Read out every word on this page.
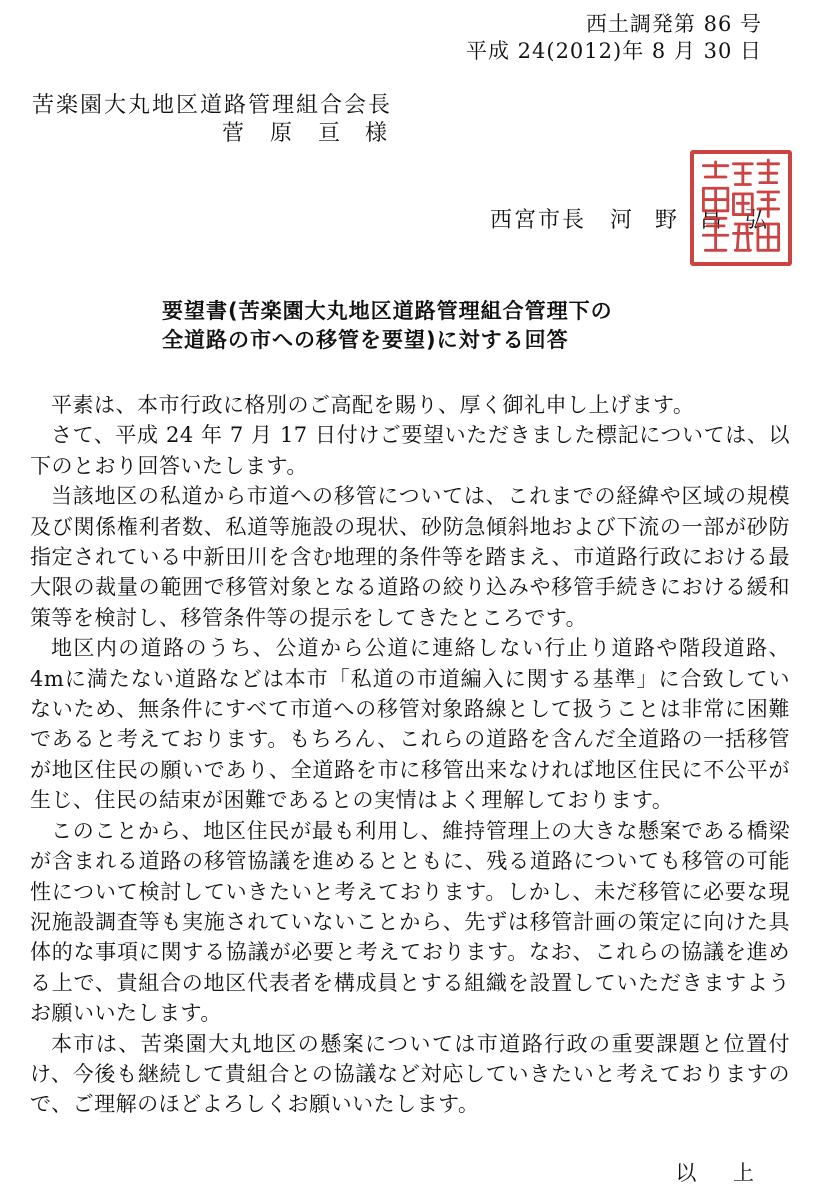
西土調発第 86 号
平成 24(2012)年 8 月 30 日
苦楽園大丸地区道路管理組合会長
菅　原　亘 様
西宮市長　河 野 昌 弘
要望書(苦楽園大丸地区道路管理組合管理下の
全道路の市への移管を要望)に対する回答

平素は、本市行政に格別のご高配を賜り、厚く御礼申し上げます。

さて、平成 24 年 7 月 17 日付けご要望いただきました標記については、以下のとおり回答いたします。

当該地区の私道から市道への移管については、これまでの経緯や区域の規模及び関係権利者数、私道等施設の現状、砂防急傾斜地および下流の一部が砂防指定されている中新田川を含む地理的条件等を踏まえ、市道路行政における最大限の裁量の範囲で移管対象となる道路の絞り込みや移管手続きにおける緩和策等を検討し、移管条件等の提示をしてきたところです。

地区内の道路のうち、公道から公道に連絡しない行止り道路や階段道路、4mに満たない道路などは本市「私道の市道編入に関する基準」に合致していないため、無条件にすべて市道への移管対象路線として扱うことは非常に困難であると考えております。もちろん、これらの道路を含んだ全道路の一括移管が地区住民の願いであり、全道路を市に移管出来なければ地区住民に不公平が生じ、住民の結束が困難であるとの実情はよく理解しております。

このことから、地区住民が最も利用し、維持管理上の大きな懸案である橋梁が含まれる道路の移管協議を進めるとともに、残る道路についても移管の可能性について検討していきたいと考えております。しかし、未だ移管に必要な現況施設調査等も実施されていないことから、先ずは移管計画の策定に向けた具体的な事項に関する協議が必要と考えております。なお、これらの協議を進める上で、貴組合の地区代表者を構成員とする組織を設置していただきますようお願いいたします。

本市は、苦楽園大丸地区の懸案については市道路行政の重要課題と位置付け、今後も継続して貴組合との協議など対応していきたいと考えておりますので、ご理解のほどよろしくお願いいたします。

以 上
